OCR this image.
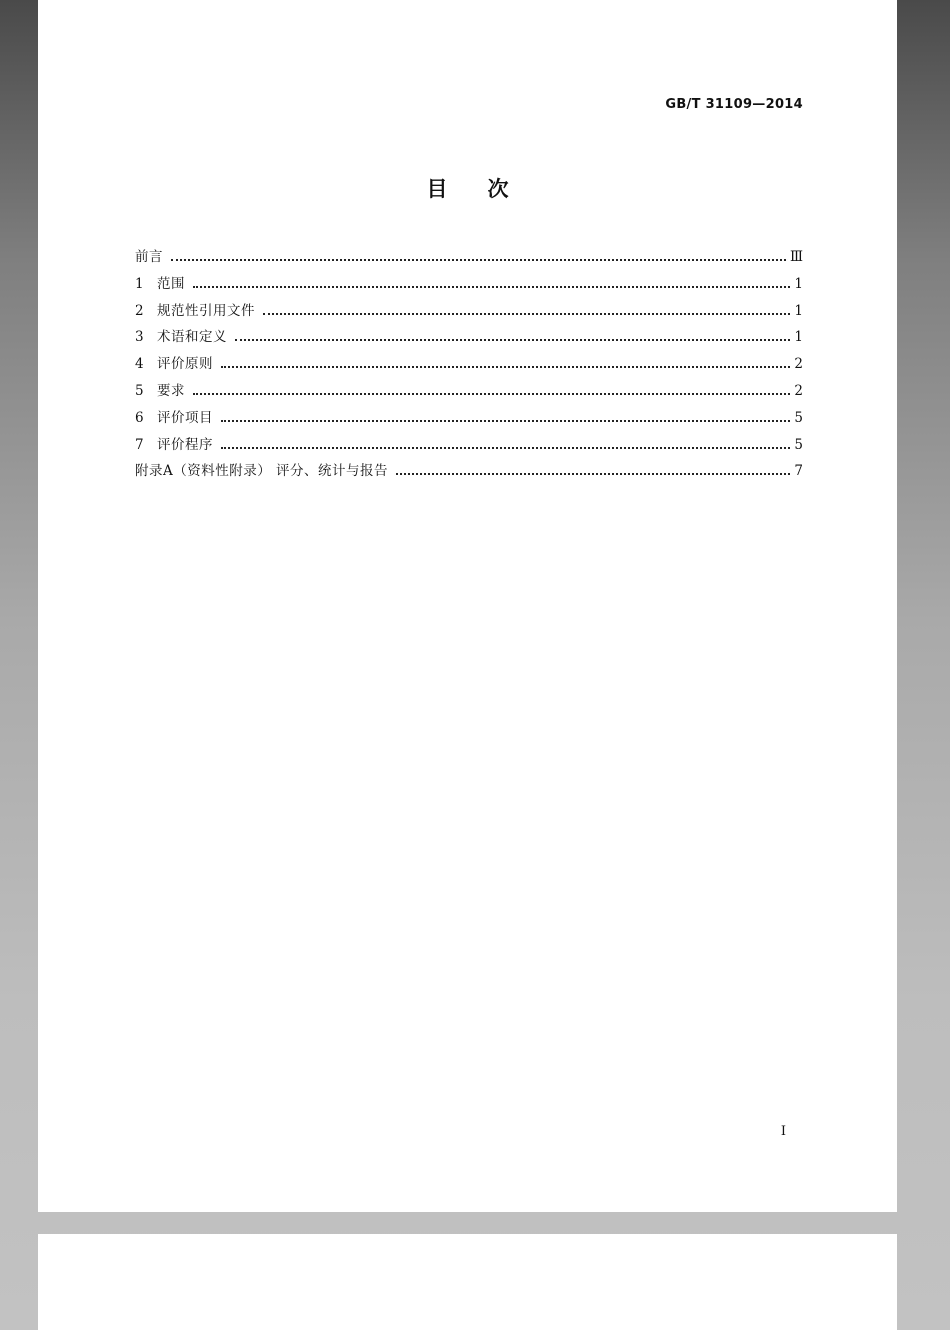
GB/T 31109—2014
目 次
前言	Ⅲ
1 范围	1
2 规范性引用文件	1
3 术语和定义	1
4 评价原则	2
5 要求	2
6 评价项目	5
7 评价程序	5
附录A（资料性附录） 评分、统计与报告	7
I
